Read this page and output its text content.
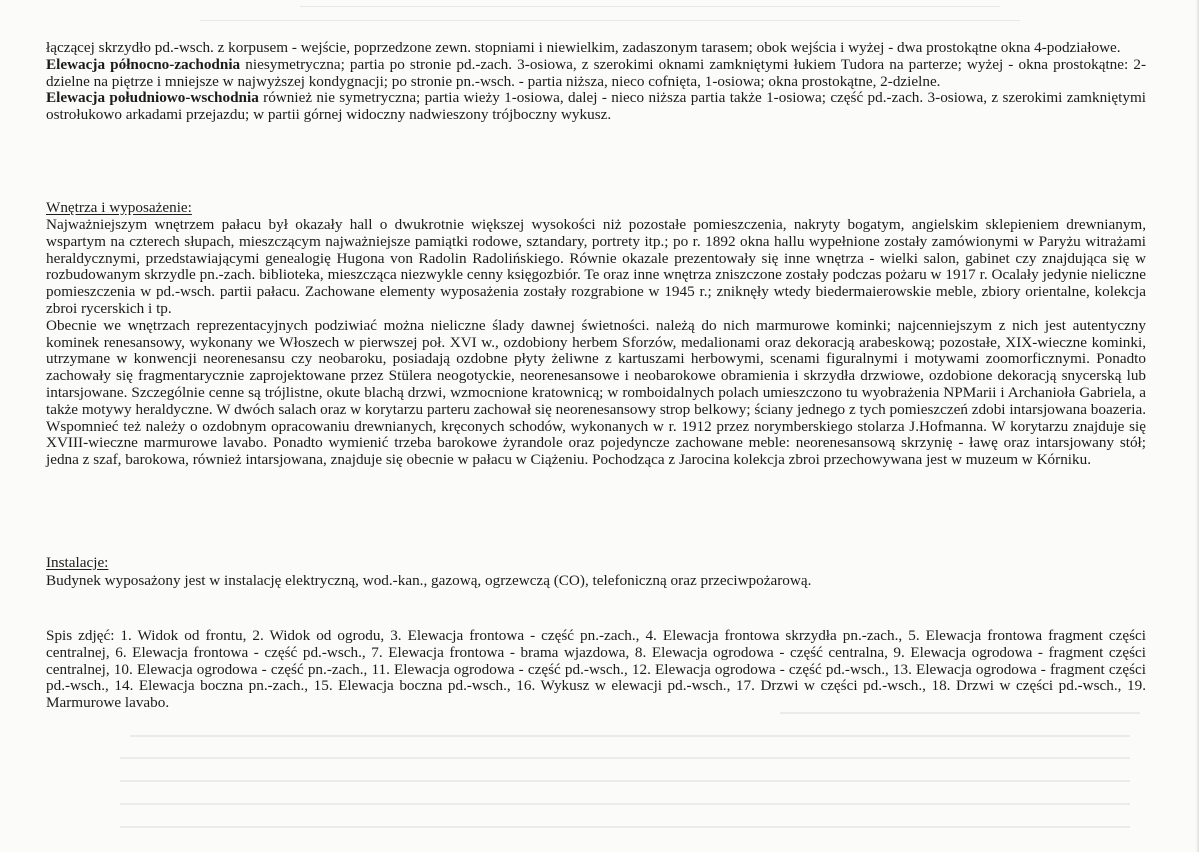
łączącej skrzydło pd.-wsch. z korpusem - wejście, poprzedzone zewn. stopniami i niewielkim, zadaszonym tarasem; obok wejścia i wyżej - dwa prostokątne okna 4-podziałowe.

Elewacja północno-zachodnia niesymetryczna; partia po stronie pd.-zach. 3-osiowa, z szerokimi oknami zamkniętymi łukiem Tudora na parterze; wyżej - okna prostokątne: 2-dzielne na piętrze i mniejsze w najwyższej kondygnacji; po stronie pn.-wsch. - partia niższa, nieco cofnięta, 1-osiowa; okna prostokątne, 2-dzielne.

Elewacja południowo-wschodnia również nie symetryczna; partia wieży 1-osiowa, dalej - nieco niższa partia także 1-osiowa; część pd.-zach. 3-osiowa, z szerokimi zamkniętymi ostrołukowo arkadami przejazdu; w partii górnej widoczny nadwieszony trójboczny wykusz.

Wnętrza i wyposażenie:

Najważniejszym wnętrzem pałacu był okazały hall o dwukrotnie większej wysokości niż pozostałe pomieszczenia, nakryty bogatym, angielskim sklepieniem drewnianym, wspartym na czterech słupach, mieszczącym najważniejsze pamiątki rodowe, sztandary, portrety itp.; po r. 1892 okna hallu wypełnione zostały zamówionymi w Paryżu witrażami heraldycznymi, przedstawiającymi genealogię Hugona von Radolin Radolińskiego. Równie okazale prezentowały się inne wnętrza - wielki salon, gabinet czy znajdująca się w rozbudowanym skrzydle pn.-zach. biblioteka, mieszcząca niezwykle cenny księgozbiór. Te oraz inne wnętrza zniszczone zostały podczas pożaru w 1917 r. Ocalały jedynie nieliczne pomieszczenia w pd.-wsch. partii pałacu. Zachowane elementy wyposażenia zostały rozgrabione w 1945 r.; zniknęły wtedy biedermaierowskie meble, zbiory orientalne, kolekcja zbroi rycerskich i tp.

Obecnie we wnętrzach reprezentacyjnych podziwiać można nieliczne ślady dawnej świetności. należą do nich marmurowe kominki; najcenniejszym z nich jest autentyczny kominek renesansowy, wykonany we Włoszech w pierwszej poł. XVI w., ozdobiony herbem Sforzów, medalionami oraz dekoracją arabeskową; pozostałe, XIX-wieczne kominki, utrzymane w konwencji neorenesansu czy neobaroku, posiadają ozdobne płyty żeliwne z kartuszami herbowymi, scenami figuralnymi i motywami zoomorficznymi. Ponadto zachowały się fragmentarycznie zaprojektowane przez Stülera neogotyckie, neorenesansowe i neobarokowe obramienia i skrzydła drzwiowe, ozdobione dekoracją snycerską lub intarsjowane. Szczególnie cenne są trójlistne, okute blachą drzwi, wzmocnione kratownicą; w romboidalnych polach umieszczono tu wyobrażenia NPMarii i Archanioła Gabriela, a także motywy heraldyczne. W dwóch salach oraz w korytarzu parteru zachował się neorenesansowy strop belkowy; ściany jednego z tych pomieszczeń zdobi intarsjowana boazeria. Wspomnieć też należy o ozdobnym opracowaniu drewnianych, kręconych schodów, wykonanych w r. 1912 przez norymberskiego stolarza J.Hofmanna. W korytarzu znajduje się XVIII-wieczne marmurowe lavabo. Ponadto wymienić trzeba barokowe żyrandole oraz pojedyncze zachowane meble: neorenesansową skrzynię - ławę oraz intarsjowany stół; jedna z szaf, barokowa, również intarsjowana, znajduje się obecnie w pałacu w Ciążeniu. Pochodząca z Jarocina kolekcja zbroi przechowywana jest w muzeum w Kórniku.

Instalacje:

Budynek wyposażony jest w instalację elektryczną, wod.-kan., gazową, ogrzewczą (CO), telefoniczną oraz przeciwpożarową.

Spis zdjęć: 1. Widok od frontu, 2. Widok od ogrodu, 3. Elewacja frontowa - część pn.-zach., 4. Elewacja frontowa skrzydła pn.-zach., 5. Elewacja frontowa fragment części centralnej, 6. Elewacja frontowa - część pd.-wsch., 7. Elewacja frontowa - brama wjazdowa, 8. Elewacja ogrodowa - część centralna, 9. Elewacja ogrodowa - fragment części centralnej, 10. Elewacja ogrodowa - część pn.-zach., 11. Elewacja ogrodowa - część pd.-wsch., 12. Elewacja ogrodowa - część pd.-wsch., 13. Elewacja ogrodowa - fragment części pd.-wsch., 14. Elewacja boczna pn.-zach., 15. Elewacja boczna pd.-wsch., 16. Wykusz w elewacji pd.-wsch., 17. Drzwi w części pd.-wsch., 18. Drzwi w części pd.-wsch., 19. Marmurowe lavabo.
